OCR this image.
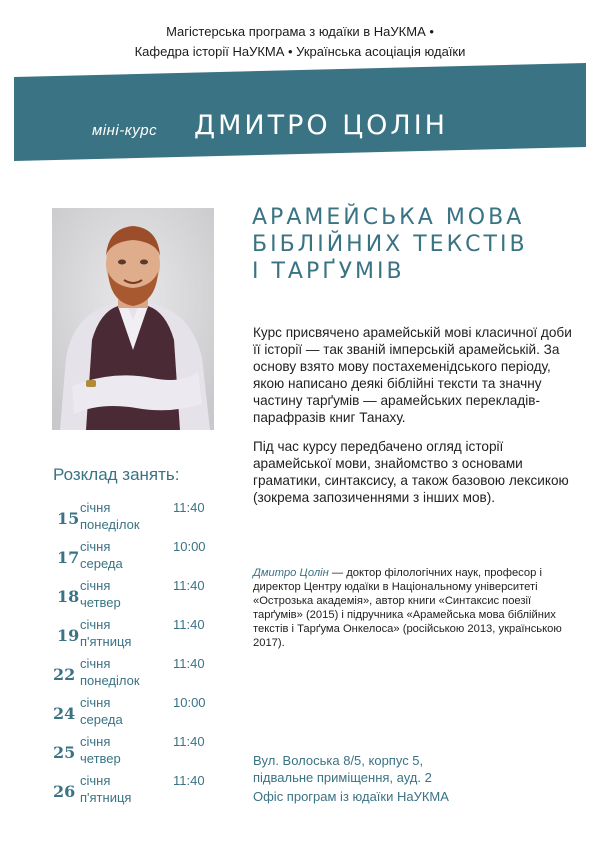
Магістерська програма з юдаїки в НаУКМА •
Кафедра історії НаУКМА • Українська асоціація юдаїки
міні-курс ДМИТРО ЦОЛІН
АРАМЕЙСЬКА МОВА
БІБЛІЙНИХ ТЕКСТІВ
І ТАРҐУМІВ

Курс присвячено арамейській мові класичної доби її історії — так званій імперській арамейській. За основу взято мову постахеменідського періоду, якою написано деякі біблійні тексти та значну частину тарґумів — арамейських перекладів-парафразів книг Танаху.

Під час курсу передбачено огляд історії арамейської мови, знайомство з основами граматики, синтаксису, а також базовою лексикою (зокрема запозиченнями з інших мов).

Дмитро Цолін — доктор філологічних наук, професор і директор Центру юдаїки в Національному університеті «Острозька академія», автор книги «Синтаксис поезії тарґумів» (2015) і підручника «Арамейська мова біблійних текстів і Тарґума Онкелоса» (російською 2013, українською 2017).
Розклад занять:
15
січня
понеділок
11:40
17
січня
середа
10:00
18
січня
четвер
11:40
19
січня
п'ятниця
11:40
22
січня
понеділок
11:40
24
січня
середа
10:00
25
січня
четвер
11:40
26
січня
п'ятниця
11:40
Вул. Волоська 8/5, корпус 5,
підвальне приміщення, ауд. 2
Офіс програм із юдаїки НаУКМА
